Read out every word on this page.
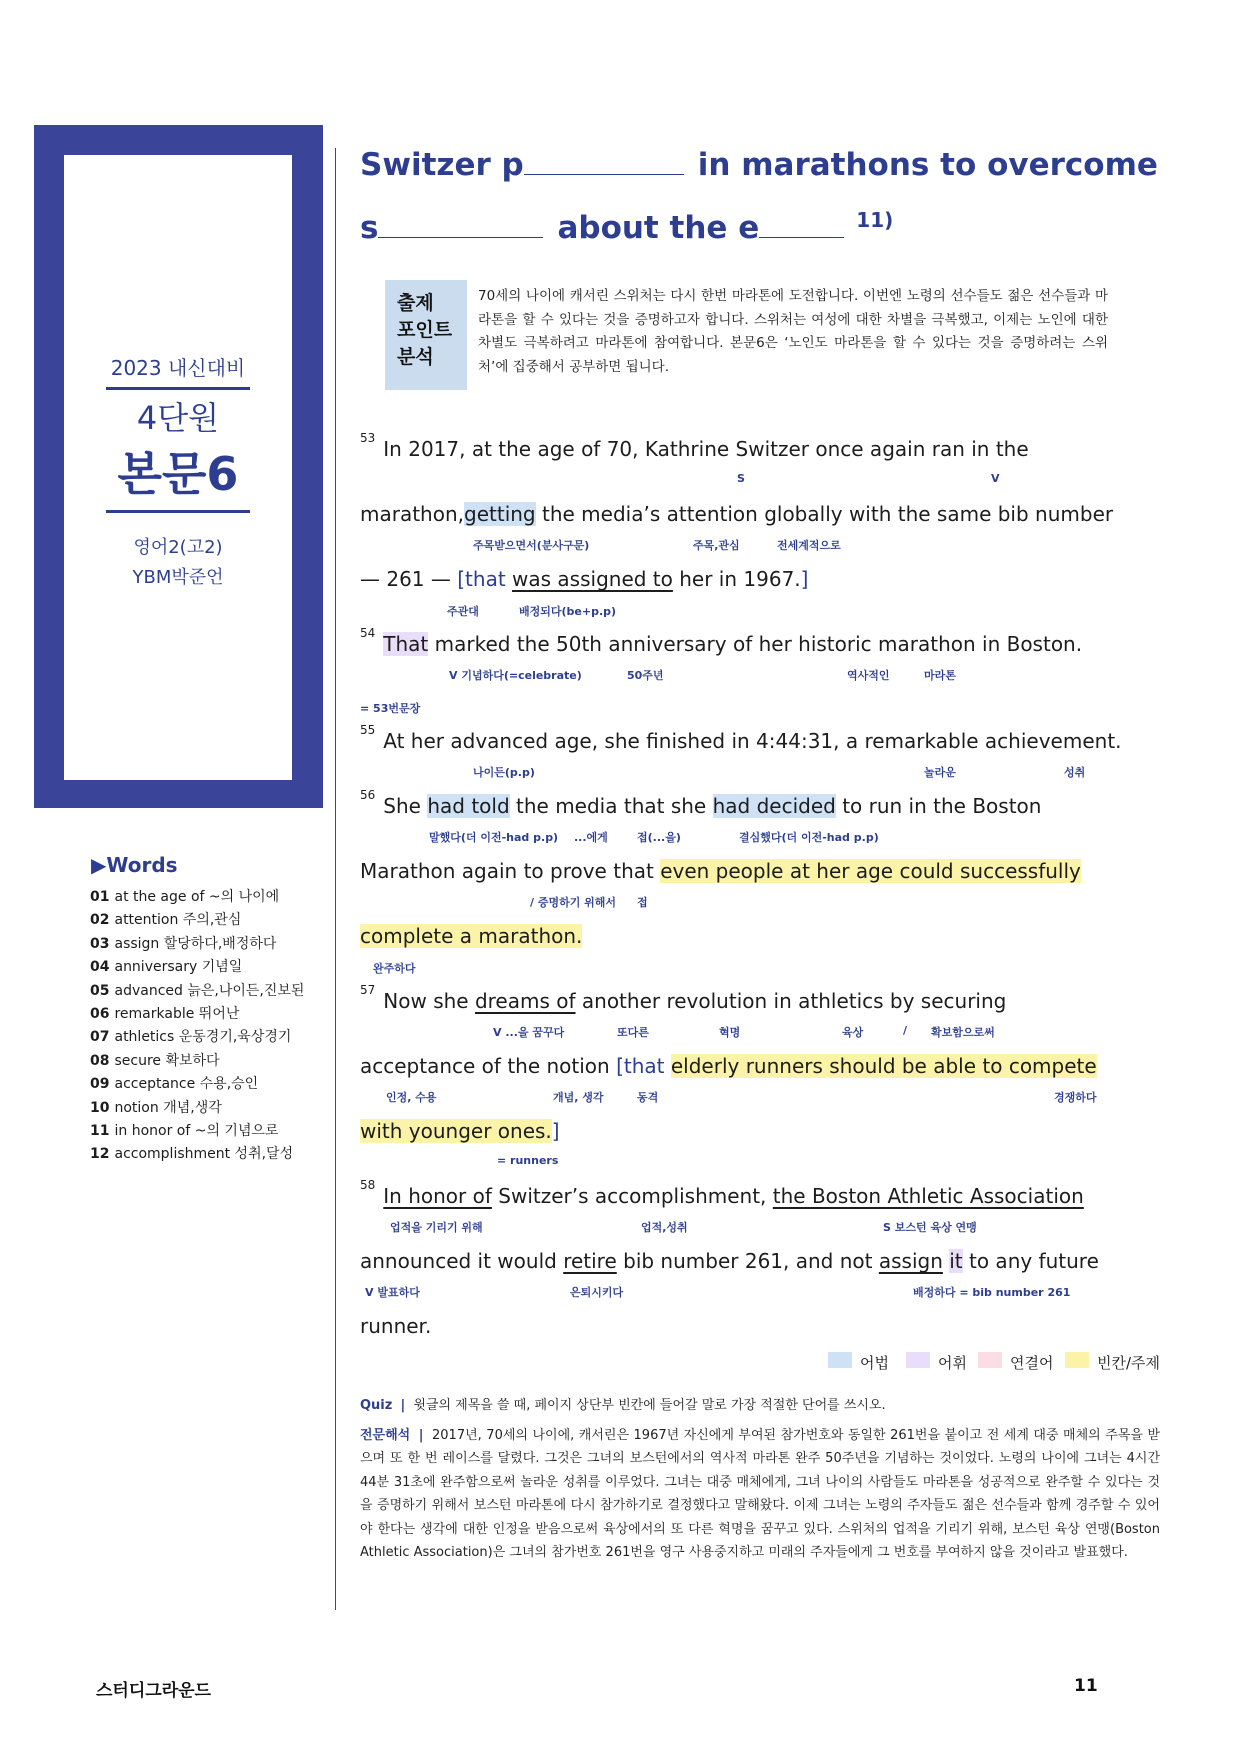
2023 내신대비
4단원
본문6
영어2(고2)
YBM박준언
▶Words
01 at the age of ~의 나이에
02 attention 주의,관심
03 assign 할당하다,배정하다
04 anniversary 기념일
05 advanced 늙은,나이든,진보된
06 remarkable 뛰어난
07 athletics 운동경기,육상경기
08 secure 확보하다
09 acceptance 수용,승인
10 notion 개념,생각
11 in honor of ~의 기념으로
12 accomplishment 성취,달성
Switzer p	in marathons to overcome
s	about the e	$^{11)}$
출제
포인트
분석
70세의 나이에 캐서린 스위처는 다시 한번 마라톤에 도전합니다. 이번엔 노령의 선수들도 젊은 선수들과 마라톤을 할 수 있다는 것을 증명하고자 합니다. 스위처는 여성에 대한 차별을 극복했고, 이제는 노인에 대한 차별도 극복하려고 마라톤에 참여합니다. 본문6은 ‘노인도 마라톤을 할 수 있다는 것을 증명하려는 스위처’에 집중해서 공부하면 됩니다.
$^{53}$ In 2017, at the age of 70, Kathrine Switzer once again ran in the
S	V
marathon,getting the media’s attention globally with the same bib number
주목받으면서(분사구문)	주목,관심	전세계적으로
— 261 — [that was assigned to her in 1967.]
주관대	배정되다(be+p.p)
$^{54}$ That marked the 50th anniversary of her historic marathon in Boston.
V 기념하다(=celebrate)	50주년	역사적인	마라톤
= 53번문장
$^{55}$ At her advanced age, she finished in 4:44:31, a remarkable achievement.
나이든(p.p)	놀라운	성취
$^{56}$ She had told the media that she had decided to run in the Boston
말했다(더 이전-had p.p) ...에게	접(...을)	결심했다(더 이전-had p.p)
Marathon again to prove that even people at her age could successfully
/ 증명하기 위해서 접
complete a marathon.
완주하다
$^{57}$ Now she dreams of another revolution in athletics by securing
V ...을 꿈꾸다	또다른	혁명	육상	/ 확보함으로써
acceptance of the notion [that elderly runners should be able to compete
인정, 수용	개념, 생각	동격	경쟁하다
with younger ones.]
= runners
$^{58}$ In honor of Switzer’s accomplishment, the Boston Athletic Association
업적을 기리기 위해	업적,성취	S 보스턴 육상 연맹
announced it would retire bib number 261, and not assign it to any future
V 발표하다	은퇴시키다	배정하다 = bib number 261
runner.
어법	어휘	연결어	빈칸/주제
Quiz | 윗글의 제목을 쓸 때, 페이지 상단부 빈칸에 들어갈 말로 가장 적절한 단어를 쓰시오.
전문해석 | 2017년, 70세의 나이에, 캐서린은 1967년 자신에게 부여된 참가번호와 동일한 261번을 붙이고 전 세계 대중 매체의 주목을 받으며 또 한 번 레이스를 달렸다. 그것은 그녀의 보스턴에서의 역사적 마라톤 완주 50주년을 기념하는 것이었다. 노령의 나이에 그녀는 4시간 44분 31초에 완주함으로써 놀라운 성취를 이루었다. 그녀는 대중 매체에게, 그녀 나이의 사람들도 마라톤을 성공적으로 완주할 수 있다는 것을 증명하기 위해서 보스턴 마라톤에 다시 참가하기로 결정했다고 말해왔다. 이제 그녀는 노령의 주자들도 젊은 선수들과 함께 경주할 수 있어야 한다는 생각에 대한 인정을 받음으로써 육상에서의 또 다른 혁명을 꿈꾸고 있다. 스위처의 업적을 기리기 위해, 보스턴 육상 연맹(Boston Athletic Association)은 그녀의 참가번호 261번을 영구 사용중지하고 미래의 주자들에게 그 번호를 부여하지 않을 것이라고 발표했다.
스터디그라운드	11
